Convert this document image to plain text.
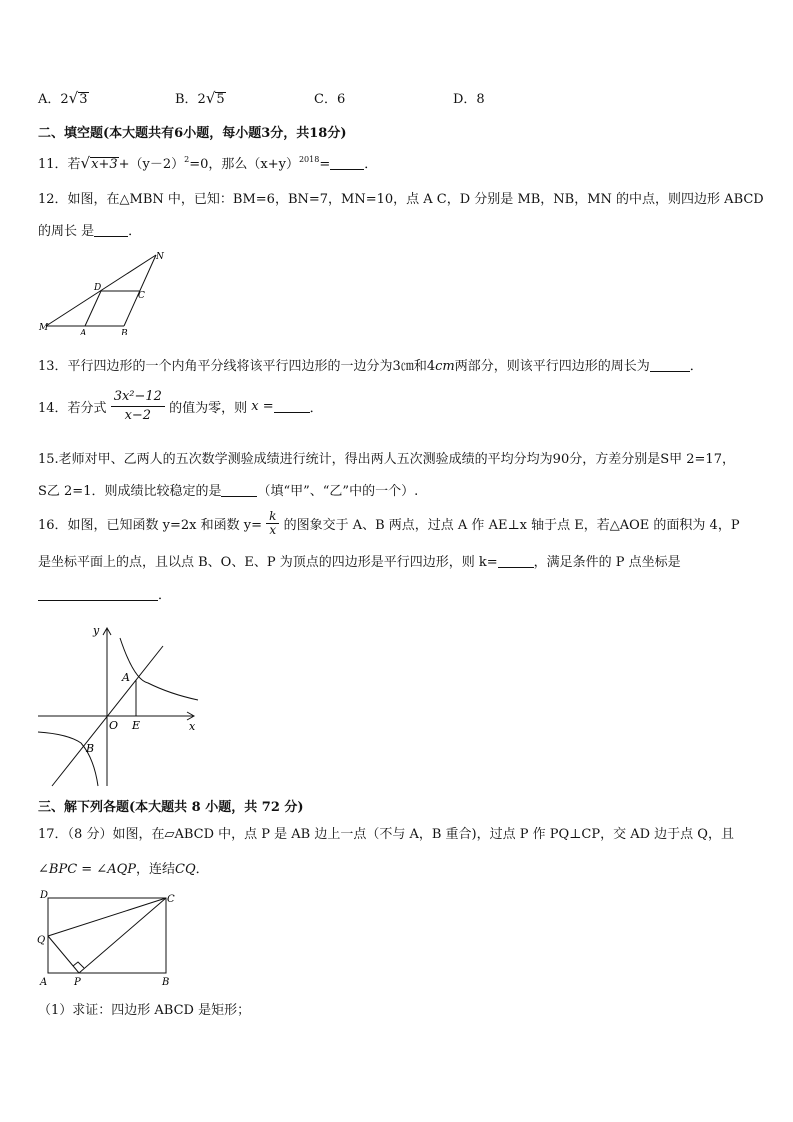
A．2√3	B．2√5	C．6	D．8
二、填空题(本大题共有6小题，每小题3分，共18分)
11．若$√x+3+(y-2)^2=0$，那么$(x+y)^{2018}=$	．
12．如图，在△MBN 中，已知：BM=6，BN=7，MN=10，点 A C，D 分别是 MB，NB，MN 的中点，则四边形 ABCD
的周长 是	．
M
A	B
C
D
N
13．平行四边形的一个内角平分线将该平行四边形的一边分为3㎝和4cm两部分，则该平行四边形的周长为	．
14．若分式 $\frac{\text{3x²−12}}{x-2}$ 的值为零，则 x =	．
15.老师对甲、乙两人的五次数学测验成绩进行统计，得出两人五次测验成绩的平均分均为90分，方差分别是S甲 2=17，
S乙 2=1．则成绩比较稳定的是	（填“甲”、“乙”中的一个）.
16．如图，已知函数 y=2x 和函数 $y= \frac{k}{x}$ 的图象交于 A、B 两点，过点 A 作 AE⊥x 轴于点 E，若△AOE 的面积为 4，P
是坐标平面上的点，且以点 B、O、E、P 为顶点的四边形是平行四边形，则 k=	，满足条件的 P 点坐标是
．
y
x
O E
A
B
三、解下列各题(本大题共 8 小题，共 72 分)
17．（8 分）如图，在▱ABCD 中，点 P 是 AB 边上一点（不与 A，B 重合)，过点 P 作 PQ⊥CP，交 AD 边于点 Q，且
∠BPC = ∠AQP，连结CQ．
D	C
Q
A	P	B
（1）求证：四边形 ABCD 是矩形；
